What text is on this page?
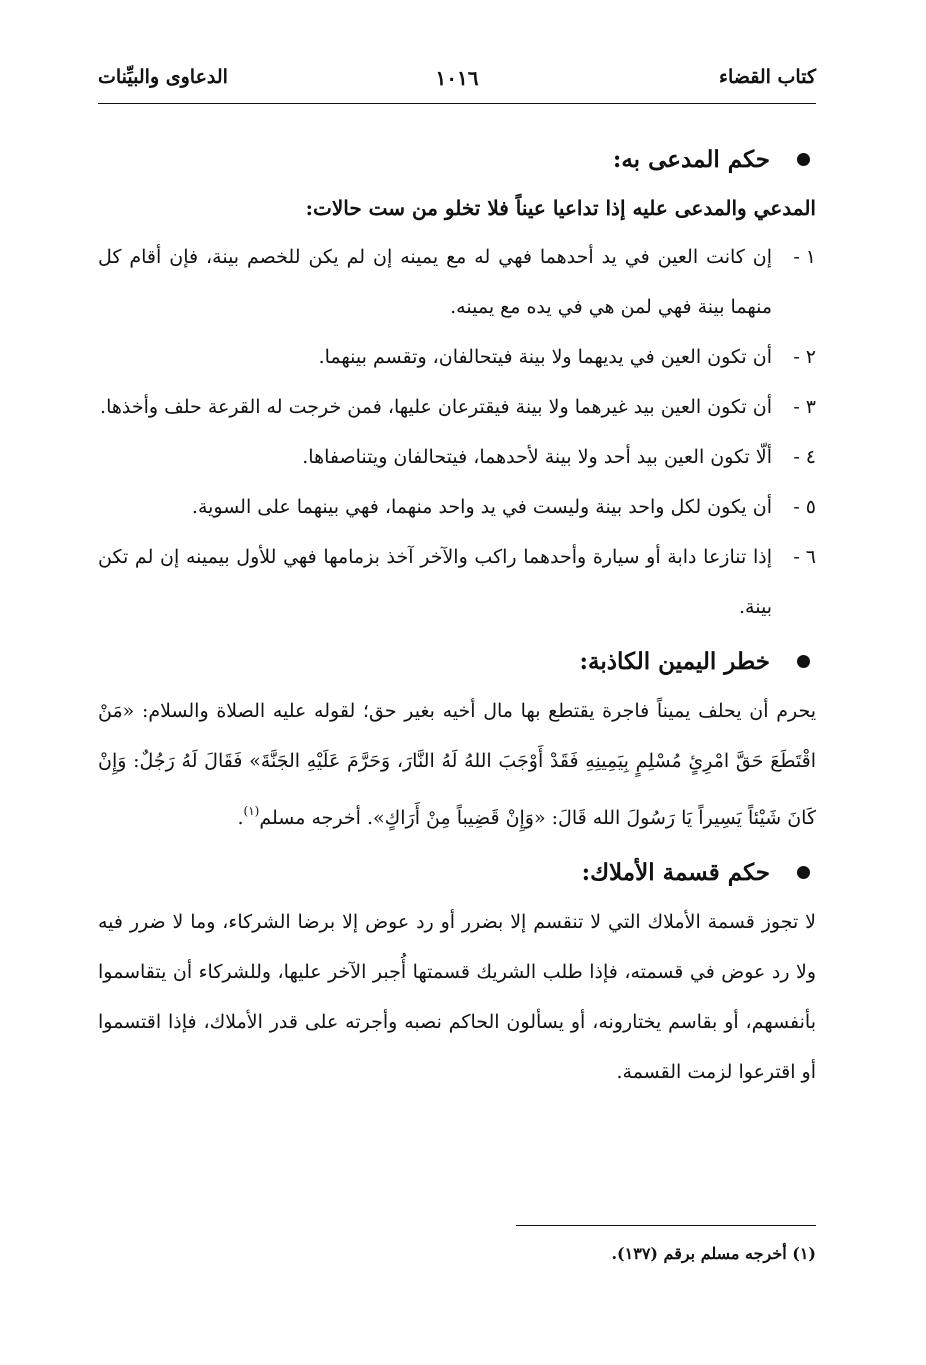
كتاب القضاء
١٠١٦
الدعاوى والبيِّنات
حكم المدعى به:
المدعي والمدعى عليه إذا تداعيا عيناً فلا تخلو من ست حالات:
١ -
إن كانت العين في يد أحدهما فهي له مع يمينه إن لم يكن للخصم بينة، فإن أقام كل منهما بينة فهي لمن هي في يده مع يمينه.
٢ -
أن تكون العين في يديهما ولا بينة فيتحالفان، وتقسم بينهما.
٣ -
أن تكون العين بيد غيرهما ولا بينة فيقترعان عليها، فمن خرجت له القرعة حلف وأخذها.
٤ -
ألّا تكون العين بيد أحد ولا بينة لأحدهما، فيتحالفان ويتناصفاها.
٥ -
أن يكون لكل واحد بينة وليست في يد واحد منهما، فهي بينهما على السوية.
٦ -
إذا تنازعا دابة أو سيارة وأحدهما راكب والآخر آخذ بزمامها فهي للأول بيمينه إن لم تكن بينة.
خطر اليمين الكاذبة:
يحرم أن يحلف يميناً فاجرة يقتطع بها مال أخيه بغير حق؛ لقوله عليه الصلاة والسلام: «مَنْ اقْتَطَعَ حَقَّ امْرِئٍ مُسْلِمٍ بِيَمِينِهِ فَقَدْ أَوْجَبَ اللهُ لَهُ النَّارَ، وَحَرَّمَ عَلَيْهِ الجَنَّةَ» فَقَالَ لَهُ رَجُلٌ: وَإِنْ كَانَ شَيْئاً يَسِيراً يَا رَسُولَ الله قَالَ: «وَإِنْ قَضِيباً مِنْ أَرَاكٍ». أخرجه مسلم$^{(١)}$.
حكم قسمة الأملاك:
لا تجوز قسمة الأملاك التي لا تنقسم إلا بضرر أو رد عوض إلا برضا الشركاء، وما لا ضرر فيه ولا رد عوض في قسمته، فإذا طلب الشريك قسمتها أُجبر الآخر عليها، وللشركاء أن يتقاسموا بأنفسهم، أو بقاسم يختارونه، أو يسألون الحاكم نصبه وأجرته على قدر الأملاك، فإذا اقتسموا أو اقترعوا لزمت القسمة.
(١) أخرجه مسلم برقم (١٣٧).
